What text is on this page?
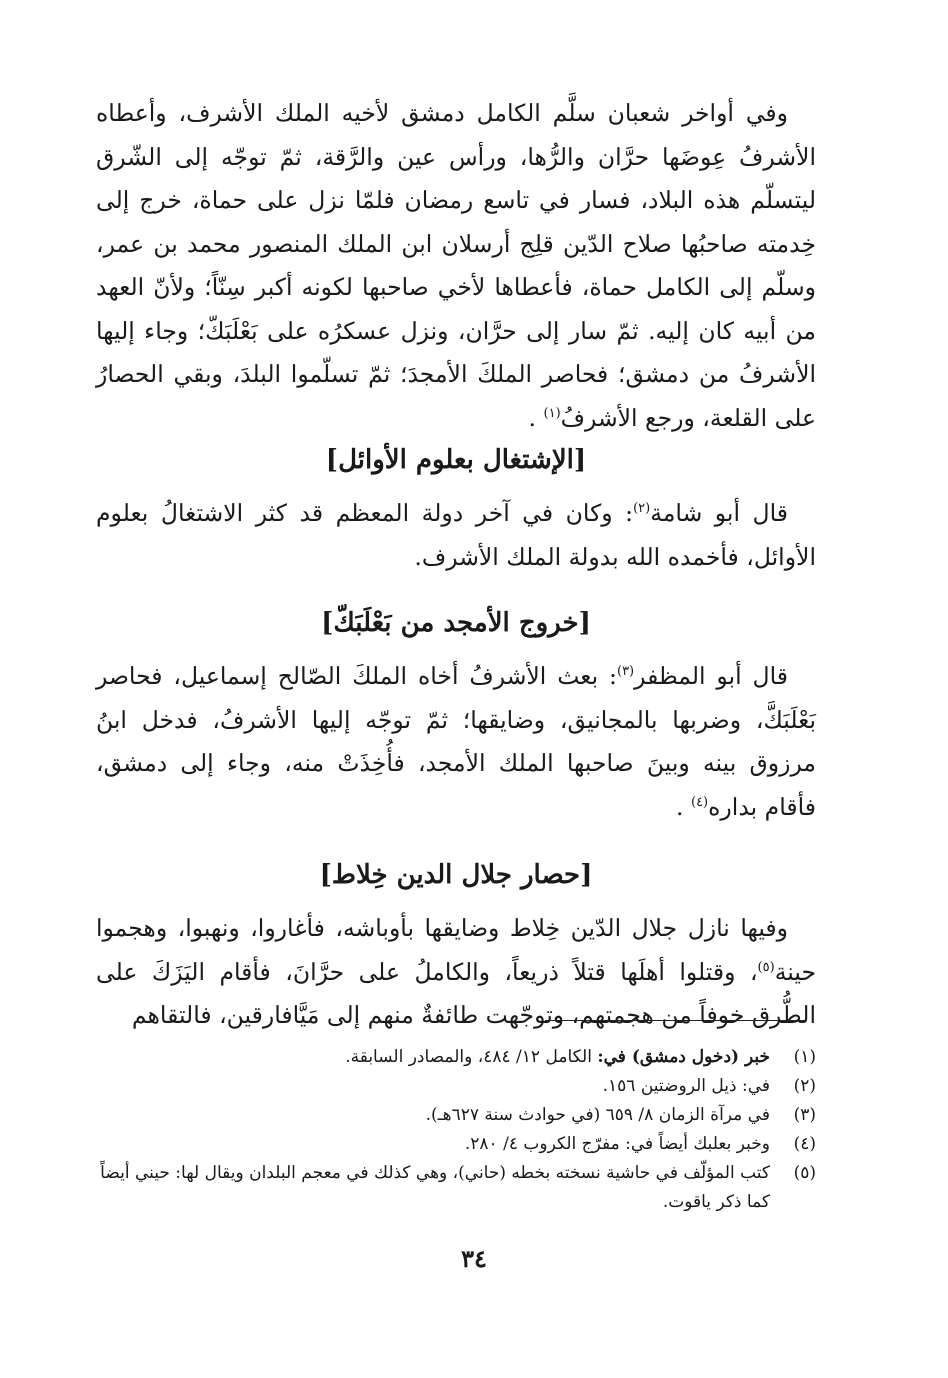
وفي أواخر شعبان سلَّم الكامل دمشق لأخيه الملك الأشرف، وأعطاه الأشرفُ عِوضَها حرَّان والرُّها، ورأس عين والرَّقة، ثمّ توجّه إلى الشّرق ليتسلّم هذه البلاد، فسار في تاسع رمضان فلمّا نزل على حماة، خرج إلى خِدمته صاحبُها صلاح الدّين قلِج أرسلان ابن الملك المنصور محمد بن عمر، وسلّم إلى الكامل حماة، فأعطاها لأخي صاحبها لكونه أكبر سِنّاً؛ ولأنّ العهد من أبيه كان إليه. ثمّ سار إلى حرَّان، ونزل عسكرُه على بَعْلَبَكّ؛ وجاء إليها الأشرفُ من دمشق؛ فحاصر الملكَ الأمجدَ؛ ثمّ تسلّموا البلدَ، وبقي الحصارُ على القلعة، ورجع الأشرفُ$^{(١)}$ .

[الإشتغال بعلوم الأوائل]

قال أبو شامة$^{(٢)}$: وكان في آخر دولة المعظم قد كثر الاشتغالُ بعلوم الأوائل، فأخمده الله بدولة الملك الأشرف.

[خروج الأمجد من بَعْلَبَكّ]

قال أبو المظفر$^{(٣)}$: بعث الأشرفُ أخاه الملكَ الصّالح إسماعيل، فحاصر بَعْلَبَكَّ، وضربها بالمجانيق، وضايقها؛ ثمّ توجّه إليها الأشرفُ، فدخل ابنُ مرزوق بينه وبينَ صاحبها الملك الأمجد، فأُخِذَتْ منه، وجاء إلى دمشق، فأقام بداره$^{(٤)}$ .

[حصار جلال الدين خِلاط]

وفيها نازل جلال الدّين خِلاط وضايقها بأوباشه، فأغاروا، ونهبوا، وهجموا حينة$^{(٥)}$، وقتلوا أهلَها قتلاً ذريعاً، والكاملُ على حرَّانَ، فأقام اليَزَكَ على الطُّرق خوفاً من هجمتهم، وتوجّهت طائفةٌ منهم إلى مَيَّافارقين، فالتقاهم

(١)
خبر (دخول دمشق) في: الكامل ١٢/ ٤٨٤، والمصادر السابقة.
(٢)
في: ذيل الروضتين ١٥٦.
(٣)
في مرآة الزمان ٨/ ٦٥٩ (في حوادث سنة ٦٢٧هـ).
(٤)
وخبر بعلبك أيضاً في: مفرّج الكروب ٤/ ٢٨٠.
(٥)
كتب المؤلّف في حاشية نسخته بخطه (حاني)، وهي كذلك في معجم البلدان ويقال لها: حيني أيضاً كما ذكر ياقوت.
٣٤
